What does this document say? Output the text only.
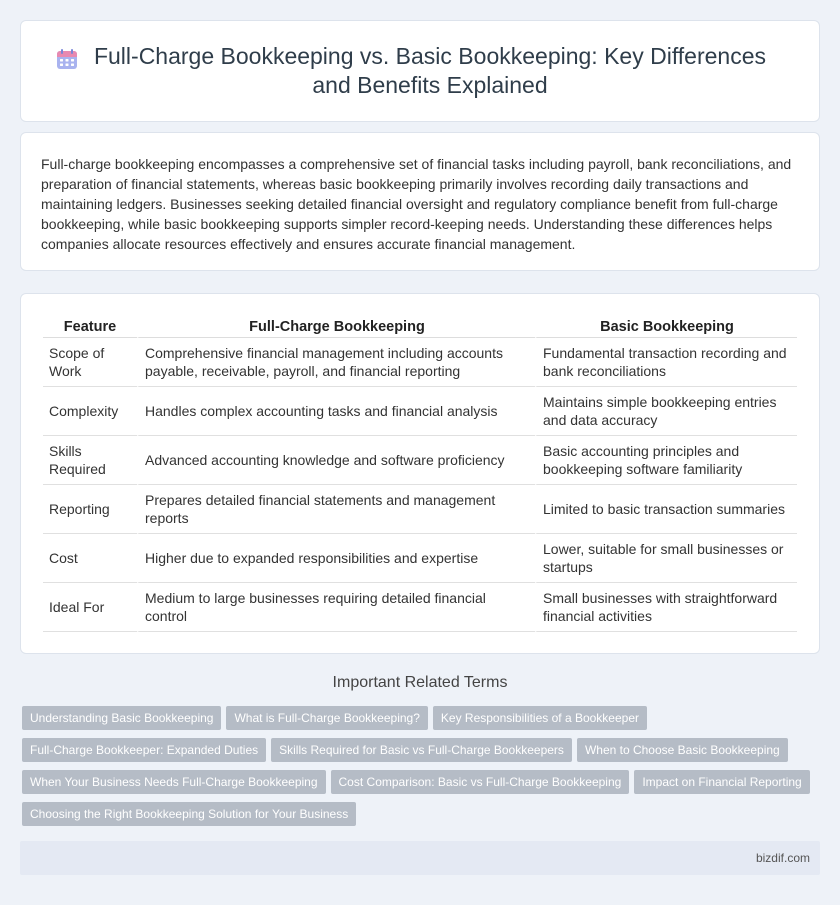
Full-Charge Bookkeeping vs. Basic Bookkeeping: Key Differences and Benefits Explained

Full-charge bookkeeping encompasses a comprehensive set of financial tasks including payroll, bank reconciliations, and preparation of financial statements, whereas basic bookkeeping primarily involves recording daily transactions and maintaining ledgers. Businesses seeking detailed financial oversight and regulatory compliance benefit from full-charge bookkeeping, while basic bookkeeping supports simpler record-keeping needs. Understanding these differences helps companies allocate resources effectively and ensures accurate financial management.

Feature	Full-Charge Bookkeeping	Basic Bookkeeping
Scope of Work	Comprehensive financial management including accounts payable, receivable, payroll, and financial reporting	Fundamental transaction recording and bank reconciliations
Complexity	Handles complex accounting tasks and financial analysis	Maintains simple bookkeeping entries and data accuracy
Skills Required	Advanced accounting knowledge and software proficiency	Basic accounting principles and bookkeeping software familiarity
Reporting	Prepares detailed financial statements and management reports	Limited to basic transaction summaries
Cost	Higher due to expanded responsibilities and expertise	Lower, suitable for small businesses or startups
Ideal For	Medium to large businesses requiring detailed financial control	Small businesses with straightforward financial activities
Important Related Terms
Understanding Basic Bookkeeping What is Full-Charge Bookkeeping? Key Responsibilities of a Bookkeeper
Full-Charge Bookkeeper: Expanded Duties Skills Required for Basic vs Full-Charge Bookkeepers When to Choose Basic Bookkeeping
When Your Business Needs Full-Charge Bookkeeping Cost Comparison: Basic vs Full-Charge Bookkeeping Impact on Financial Reporting
Choosing the Right Bookkeeping Solution for Your Business
bizdif.com
